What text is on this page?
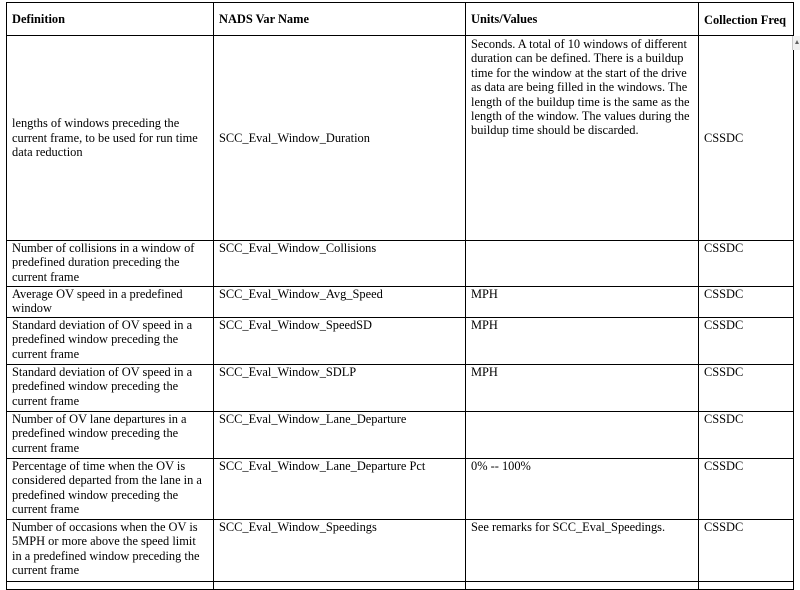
Definition	NADS Var Name	Units/Values	Collection Freq
lengths of windows preceding the current frame, to be used for run time data reduction	SCC_Eval_Window_Duration	Seconds. A total of 10 windows of different duration can be defined. There is a buildup time for the window at the start of the drive as data are being filled in the windows. The length of the buildup time is the same as the length of the window. The values during the buildup time should be discarded.	CSSDC
Number of collisions in a window of predefined duration preceding the current frame	SCC_Eval_Window_Collisions		CSSDC
Average OV speed in a predefined window	SCC_Eval_Window_Avg_Speed	MPH	CSSDC
Standard deviation of OV speed in a predefined window preceding the current frame	SCC_Eval_Window_SpeedSD	MPH	CSSDC
Standard deviation of OV speed in a predefined window preceding the current frame	SCC_Eval_Window_SDLP	MPH	CSSDC
Number of OV lane departures in a predefined window preceding the current frame	SCC_Eval_Window_Lane_Departure		CSSDC
Percentage of time when the OV is considered departed from the lane in a predefined window preceding the current frame	SCC_Eval_Window_Lane_Departure Pct	0% -- 100%	CSSDC
Number of occasions when the OV is 5MPH or more above the speed limit in a predefined window preceding the current frame	SCC_Eval_Window_Speedings	See remarks for SCC_Eval_Speedings.	CSSDC
